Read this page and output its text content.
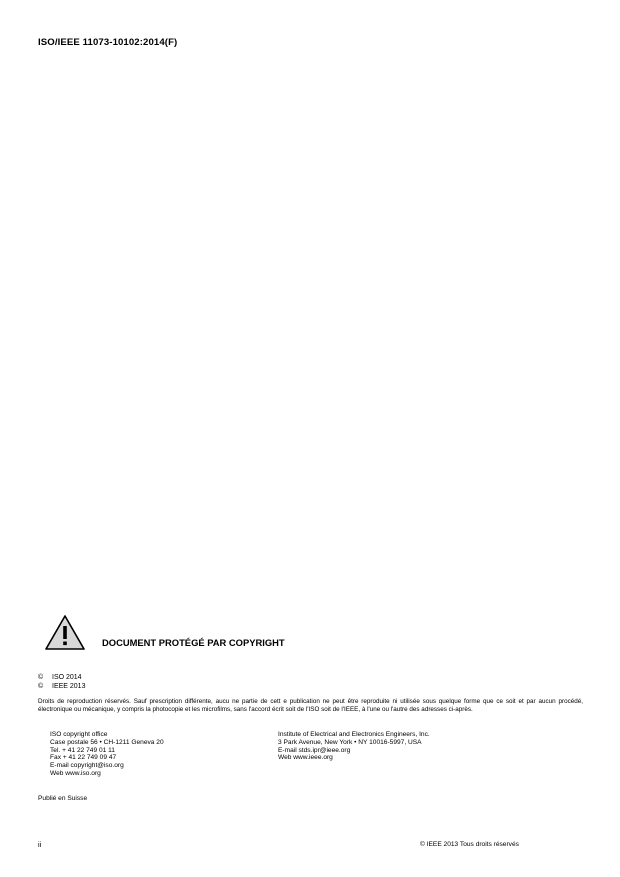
ISO/IEEE 11073-10102:2014(F)
DOCUMENT PROTÉGÉ PAR COPYRIGHT
©	ISO 2014
©	IEEE 2013
Droits de reproduction réservés. Sauf prescription différente, aucu ne partie de cett e publication ne peut être reproduite ni utilisée sous quelque forme que ce soit et par aucun procédé, électronique ou mécanique, y compris la photocopie et les microfilms, sans l'accord écrit soit de l'ISO soit de l'IEEE, à l'une ou l'autre des adresses ci-après.
ISO copyright office
Case postale 56 • CH-1211 Geneva 20
Tel. + 41 22 749 01 11
Fax + 41 22 749 09 47
E-mail copyright@iso.org
Web www.iso.org
Institute of Electrical and Electronics Engineers, Inc.
3 Park Avenue, New York • NY 10016-5997, USA
E-mail stds.ipr@ieee.org
Web www.ieee.org
Publié en Suisse
ii	© IEEE 2013 Tous droits réservés
